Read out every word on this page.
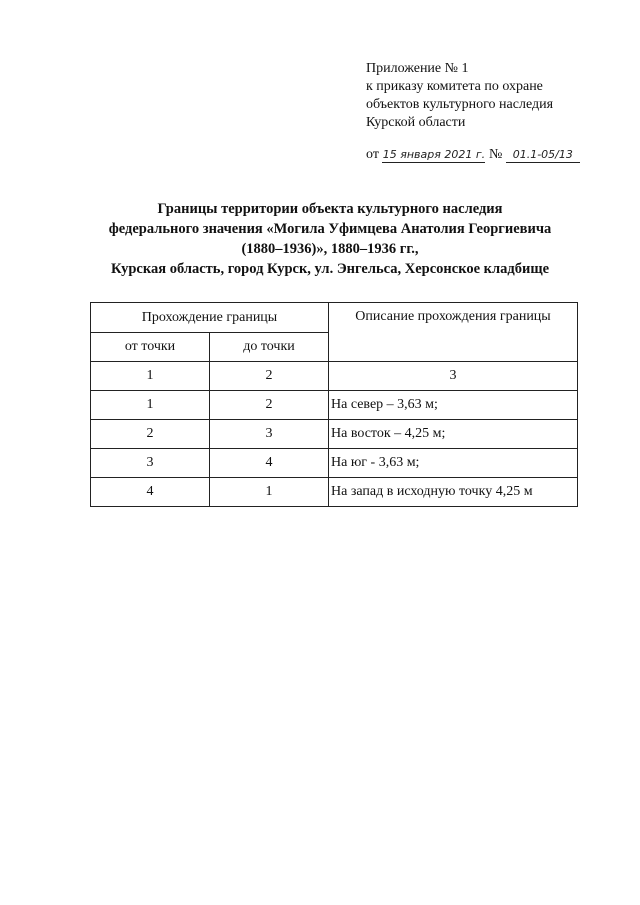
Приложение № 1
к приказу комитета по охране
объектов культурного наследия
Курской области
от 15 января 2021 г. № 01.1-05/13
Границы территории объекта культурного наследия
федерального значения «Могила Уфимцева Анатолия Георгиевича
(1880–1936)», 1880–1936 гг.,
Курская область, город Курск, ул. Энгельса, Херсонское кладбище
Прохождение границы		Описание прохождения границы
от точки	до точки	
1	2	3
1	2	На север – 3,63 м;
2	3	На восток – 4,25 м;
3	4	На юг - 3,63 м;
4	1	На запад в исходную точку 4,25 м
